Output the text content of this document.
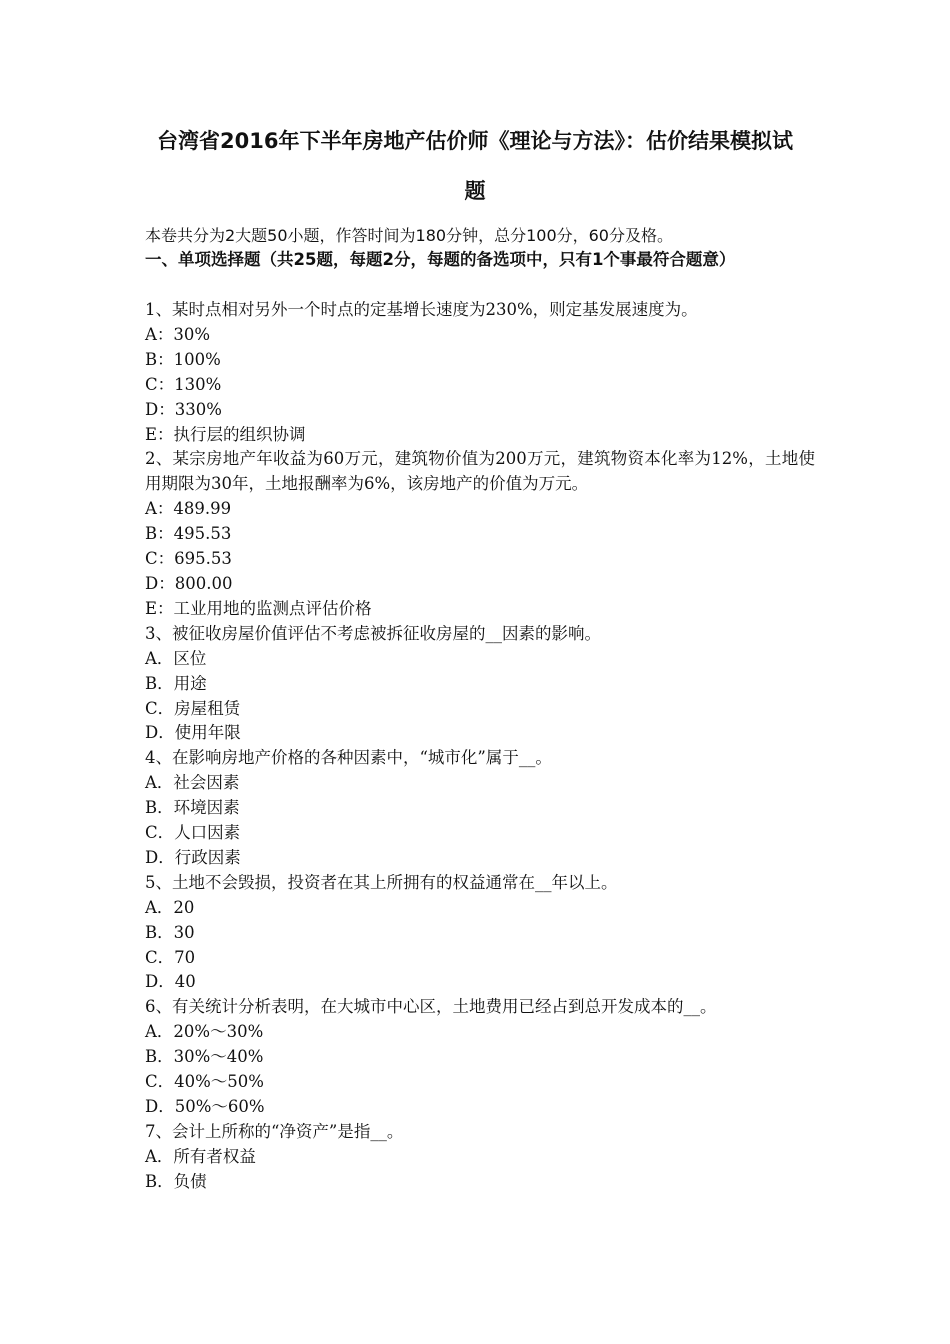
台湾省2016年下半年房地产估价师《理论与方法》：估价结果模拟试
题
本卷共分为2大题50小题，作答时间为180分钟，总分100分，60分及格。
一、单项选择题（共25题，每题2分，每题的备选项中，只有1个事最符合题意）

1、某时点相对另外一个时点的定基增长速度为230%，则定基发展速度为。

A：30%

B：100%

C：130%

D：330%

E：执行层的组织协调

2、某宗房地产年收益为60万元，建筑物价值为200万元，建筑物资本化率为12%，土地使用期限为30年，土地报酬率为6%，该房地产的价值为万元。

A：489.99

B：495.53

C：695.53

D：800.00

E：工业用地的监测点评估价格

3、被征收房屋价值评估不考虑被拆征收房屋的__因素的影响。

A．区位

B．用途

C．房屋租赁

D．使用年限

4、在影响房地产价格的各种因素中，“城市化”属于__。

A．社会因素

B．环境因素

C．人口因素

D．行政因素

5、土地不会毁损，投资者在其上所拥有的权益通常在__年以上。

A．20

B．30

C．70

D．40

6、有关统计分析表明，在大城市中心区，土地费用已经占到总开发成本的__。

A．20%～30%

B．30%～40%

C．40%～50%

D．50%～60%

7、会计上所称的“净资产”是指__。

A．所有者权益

B．负债
